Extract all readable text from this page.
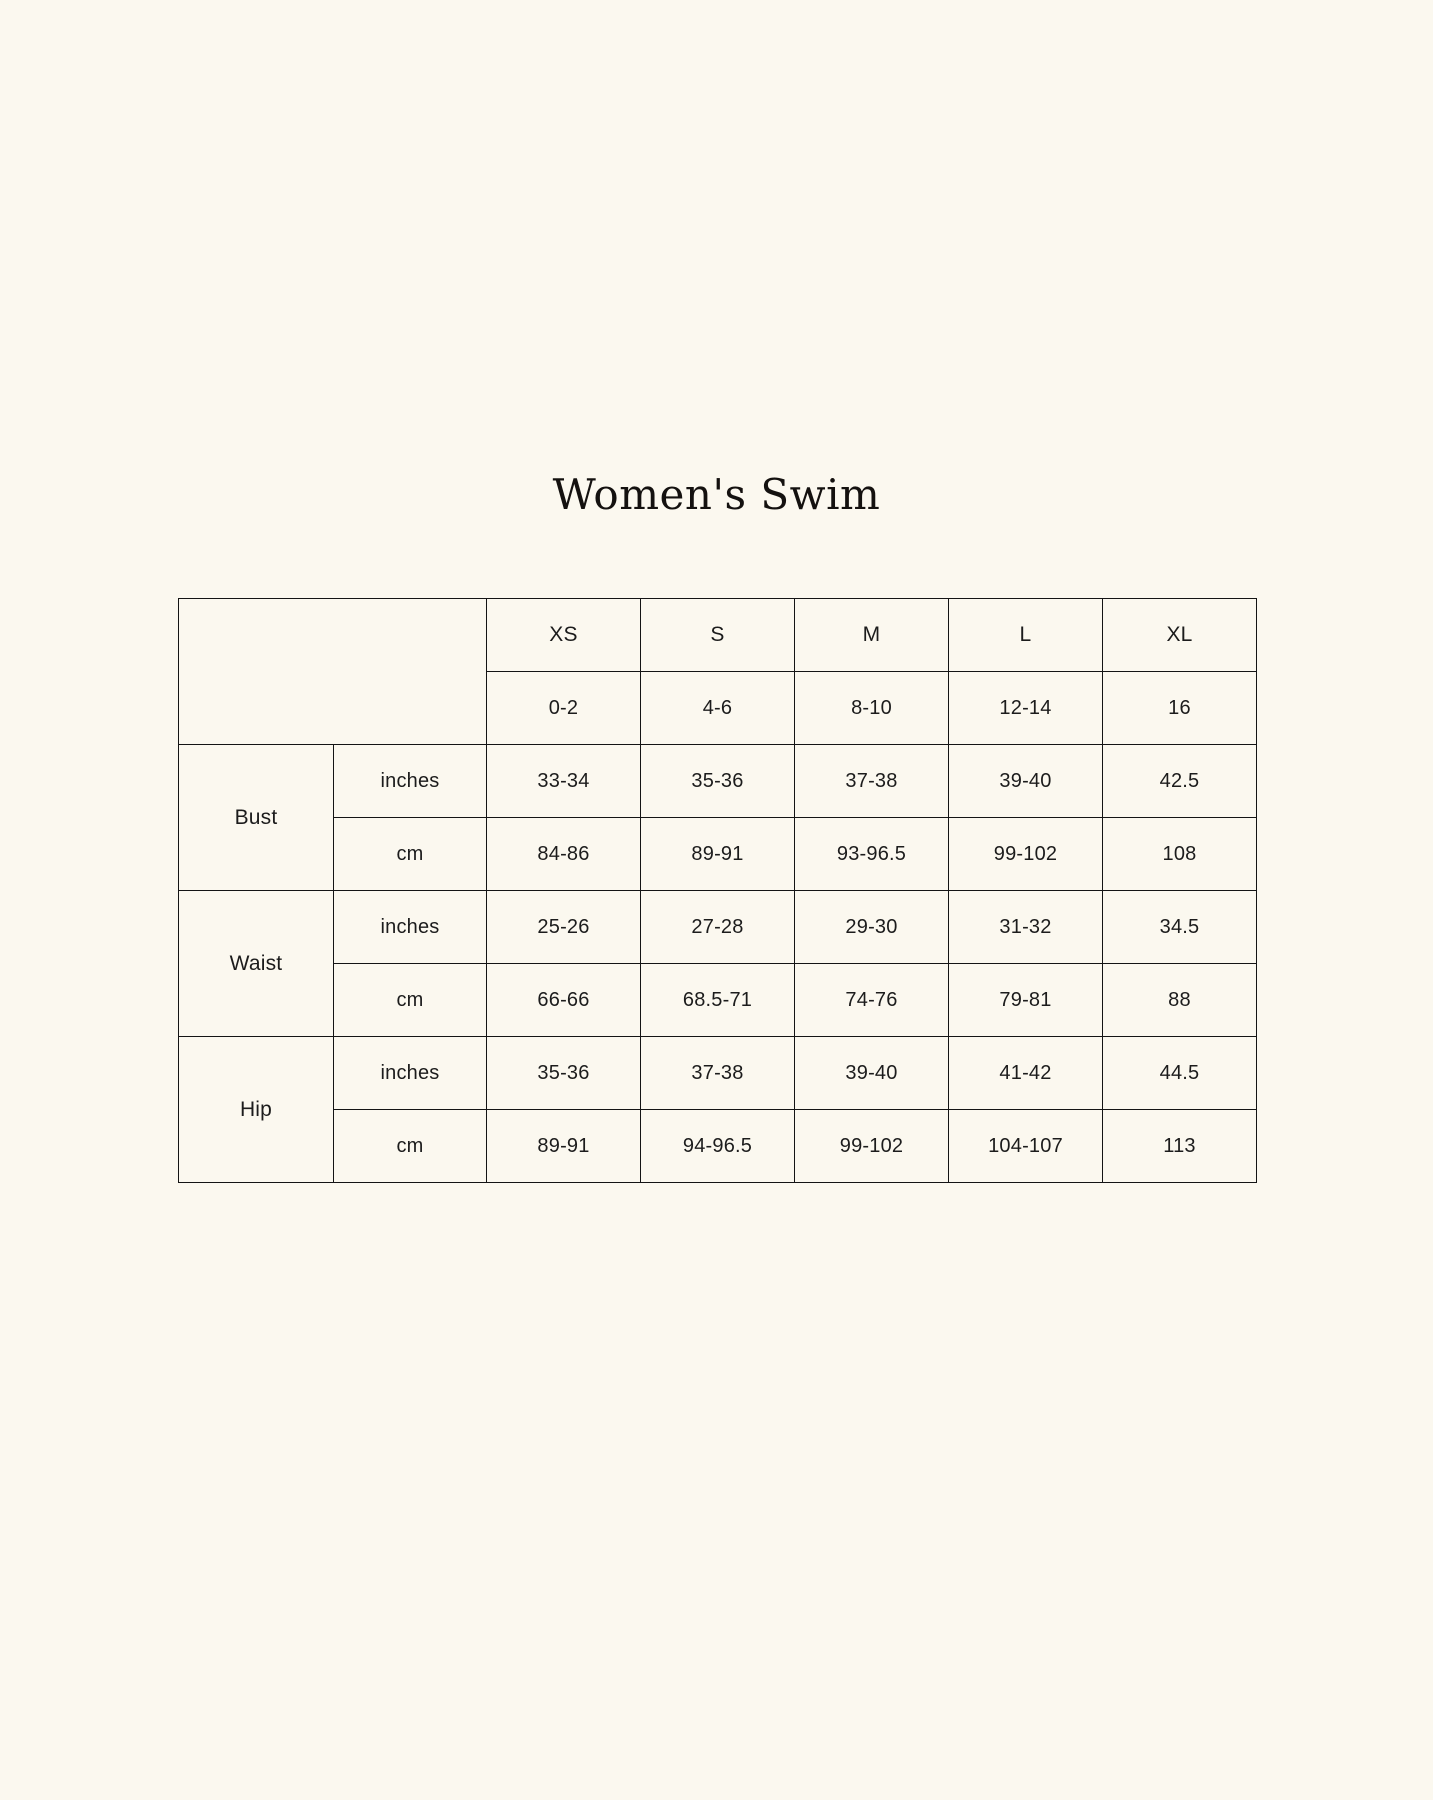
Women's Swim
		XS	S	M	L	XL
		0-2	4-6	8-10	12-14	16
Bust	inches	33-34	35-36	37-38	39-40	42.5
	cm	84-86	89-91	93-96.5	99-102	108
Waist	inches	25-26	27-28	29-30	31-32	34.5
	cm	66-66	68.5-71	74-76	79-81	88
Hip	inches	35-36	37-38	39-40	41-42	44.5
	cm	89-91	94-96.5	99-102	104-107	113
